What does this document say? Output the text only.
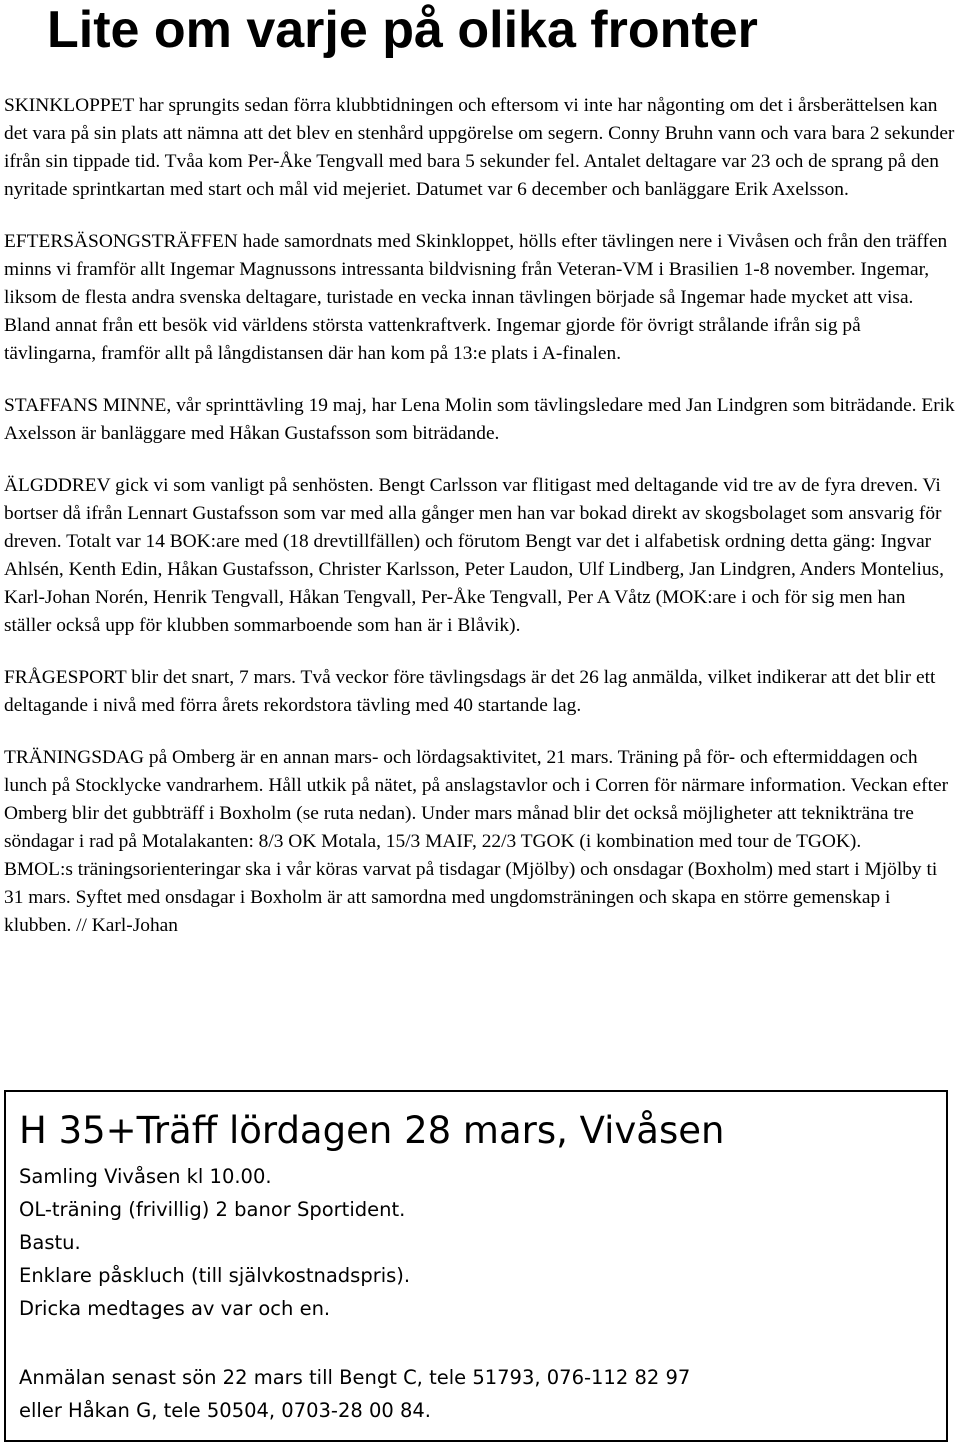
Lite om varje på olika fronter

SKINKLOPPET har sprungits sedan förra klubbtidningen och eftersom vi inte har någonting om det i årsberättelsen kan det vara på sin plats att nämna att det blev en stenhård uppgörelse om segern. Conny Bruhn vann och vara bara 2 sekunder ifrån sin tippade tid. Tvåa kom Per-Åke Tengvall med bara 5 sekunder fel. Antalet deltagare var 23 och de sprang på den nyritade sprintkartan med start och mål vid mejeriet. Datumet var 6 december och banläggare Erik Axelsson.

EFTERSÄSONGSTRÄFFEN hade samordnats med Skinkloppet, hölls efter tävlingen nere i Vivåsen och från den träffen minns vi framför allt Ingemar Magnussons intressanta bildvisning från Veteran-VM i Brasilien 1-8 november. Ingemar, liksom de flesta andra svenska deltagare, turistade en vecka innan tävlingen började så Ingemar hade mycket att visa. Bland annat från ett besök vid världens största vattenkraftverk. Ingemar gjorde för övrigt strålande ifrån sig på tävlingarna, framför allt på långdistansen där han kom på 13:e plats i A-finalen.

STAFFANS MINNE, vår sprinttävling 19 maj, har Lena Molin som tävlingsledare med Jan Lindgren som biträdande. Erik Axelsson är banläggare med Håkan Gustafsson som biträdande.

ÄLGDDREV gick vi som vanligt på senhösten. Bengt Carlsson var flitigast med deltagande vid tre av de fyra dreven. Vi bortser då ifrån Lennart Gustafsson som var med alla gånger men han var bokad direkt av skogsbolaget som ansvarig för dreven. Totalt var 14 BOK:are med (18 drevtillfällen) och förutom Bengt var det i alfabetisk ordning detta gäng: Ingvar Ahlsén, Kenth Edin, Håkan Gustafsson, Christer Karlsson, Peter Laudon, Ulf Lindberg, Jan Lindgren, Anders Montelius, Karl-Johan Norén, Henrik Tengvall, Håkan Tengvall, Per-Åke Tengvall, Per A Våtz (MOK:are i och för sig men han ställer också upp för klubben sommarboende som han är i Blåvik).

FRÅGESPORT blir det snart, 7 mars. Två veckor före tävlingsdags är det 26 lag anmälda, vilket indikerar att det blir ett deltagande i nivå med förra årets rekordstora tävling med 40 startande lag.

TRÄNINGSDAG på Omberg är en annan mars- och lördagsaktivitet, 21 mars. Träning på för- och eftermiddagen och lunch på Stocklycke vandrarhem. Håll utkik på nätet, på anslagstavlor och i Corren för närmare information. Veckan efter Omberg blir det gubbträff i Boxholm (se ruta nedan). Under mars månad blir det också möjligheter att teknikträna tre söndagar i rad på Motalakanten: 8/3 OK Motala, 15/3 MAIF, 22/3 TGOK (i kombination med tour de TGOK).

BMOL:s träningsorienteringar ska i vår köras varvat på tisdagar (Mjölby) och onsdagar (Boxholm) med start i Mjölby ti 31 mars. Syftet med onsdagar i Boxholm är att samordna med ungdomsträningen och skapa en större gemenskap i klubben. // Karl-Johan

H 35+Träff lördagen 28 mars, Vivåsen
Samling Vivåsen kl 10.00.
OL-träning (frivillig) 2 banor Sportident.
Bastu.
Enklare påskluch (till självkostnadspris).
Dricka medtages av var och en.
Anmälan senast sön 22 mars till Bengt C, tele 51793, 076-112 82 97
eller Håkan G, tele 50504, 0703-28 00 84.
